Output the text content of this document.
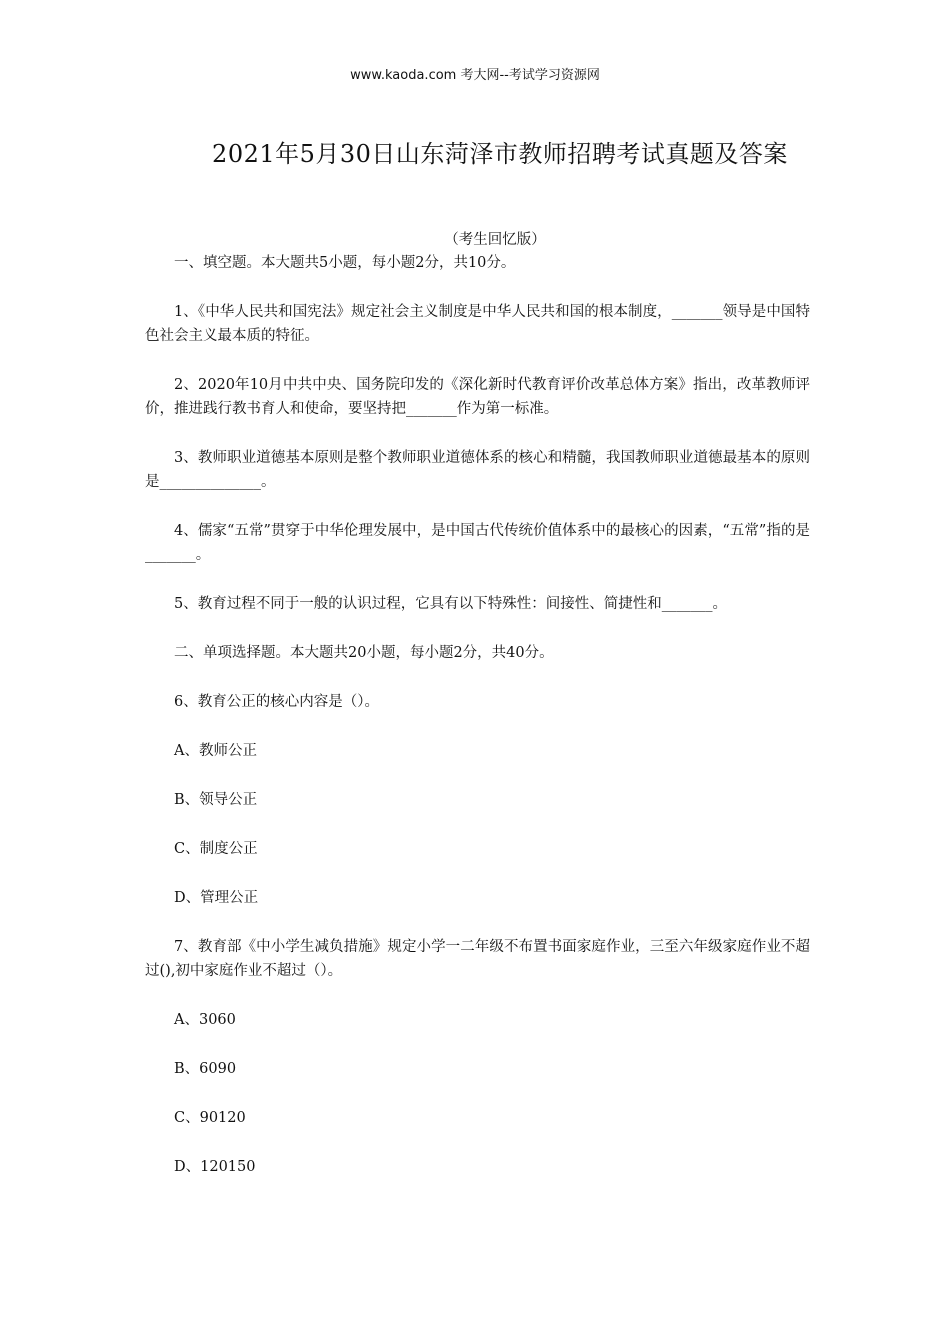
www.kaoda.com 考大网--考试学习资源网
2021年5月30日山东菏泽市教师招聘考试真题及答案
（考生回忆版）

一、填空题。本大题共5小题，每小题2分，共10分。

1、《中华人民共和国宪法》规定社会主义制度是中华人民共和国的根本制度，_______领导是中国特色社会主义最本质的特征。

2、2020年10月中共中央、国务院印发的《深化新时代教育评价改革总体方案》指出，改革教师评价，推进践行教书育人和使命，要坚持把_______作为第一标准。

3、教师职业道德基本原则是整个教师职业道德体系的核心和精髓，我国教师职业道德最基本的原则是______________。

4、儒家“五常”贯穿于中华伦理发展中，是中国古代传统价值体系中的最核心的因素，“五常”指的是_______。

5、教育过程不同于一般的认识过程，它具有以下特殊性：间接性、简捷性和_______。

二、单项选择题。本大题共20小题，每小题2分，共40分。

6、教育公正的核心内容是（）。

A、教师公正

B、领导公正

C、制度公正

D、管理公正

7、教育部《中小学生减负措施》规定小学一二年级不布置书面家庭作业，三至六年级家庭作业不超过(),初中家庭作业不超过（）。

A、3060

B、6090

C、90120

D、120150
